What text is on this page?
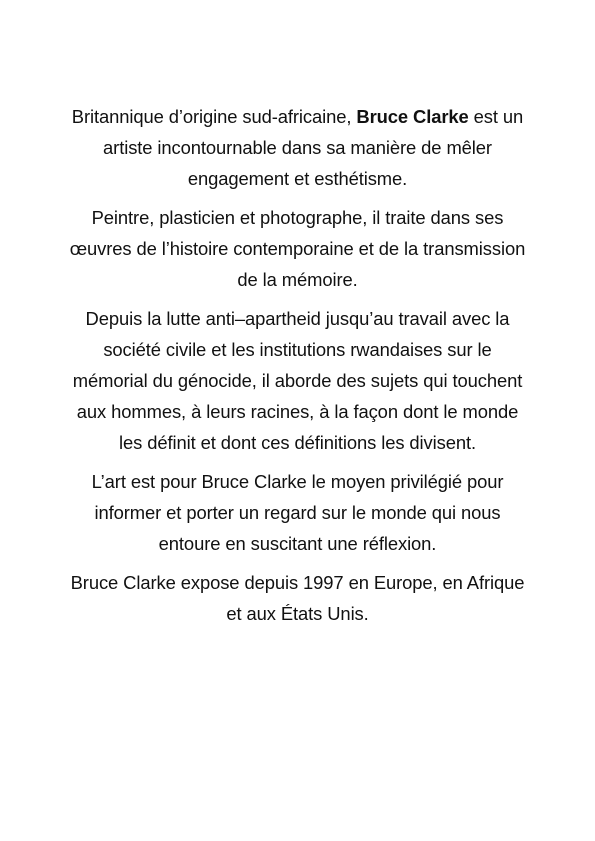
Britannique d’origine sud-africaine, Bruce Clarke est un artiste incontournable dans sa manière de mêler engagement et esthétisme.

Peintre, plasticien et photographe, il traite dans ses œuvres de l’histoire contemporaine et de la transmission de la mémoire.

Depuis la lutte anti–apartheid jusqu’au travail avec la société civile et les institutions rwandaises sur le mémorial du génocide, il aborde des sujets qui touchent aux hommes, à leurs racines, à la façon dont le monde les définit et dont ces définitions les divisent.

L’art est pour Bruce Clarke le moyen privilégié pour informer et porter un regard sur le monde qui nous entoure en suscitant une réflexion.

Bruce Clarke expose depuis 1997 en Europe, en Afrique et aux États Unis.
